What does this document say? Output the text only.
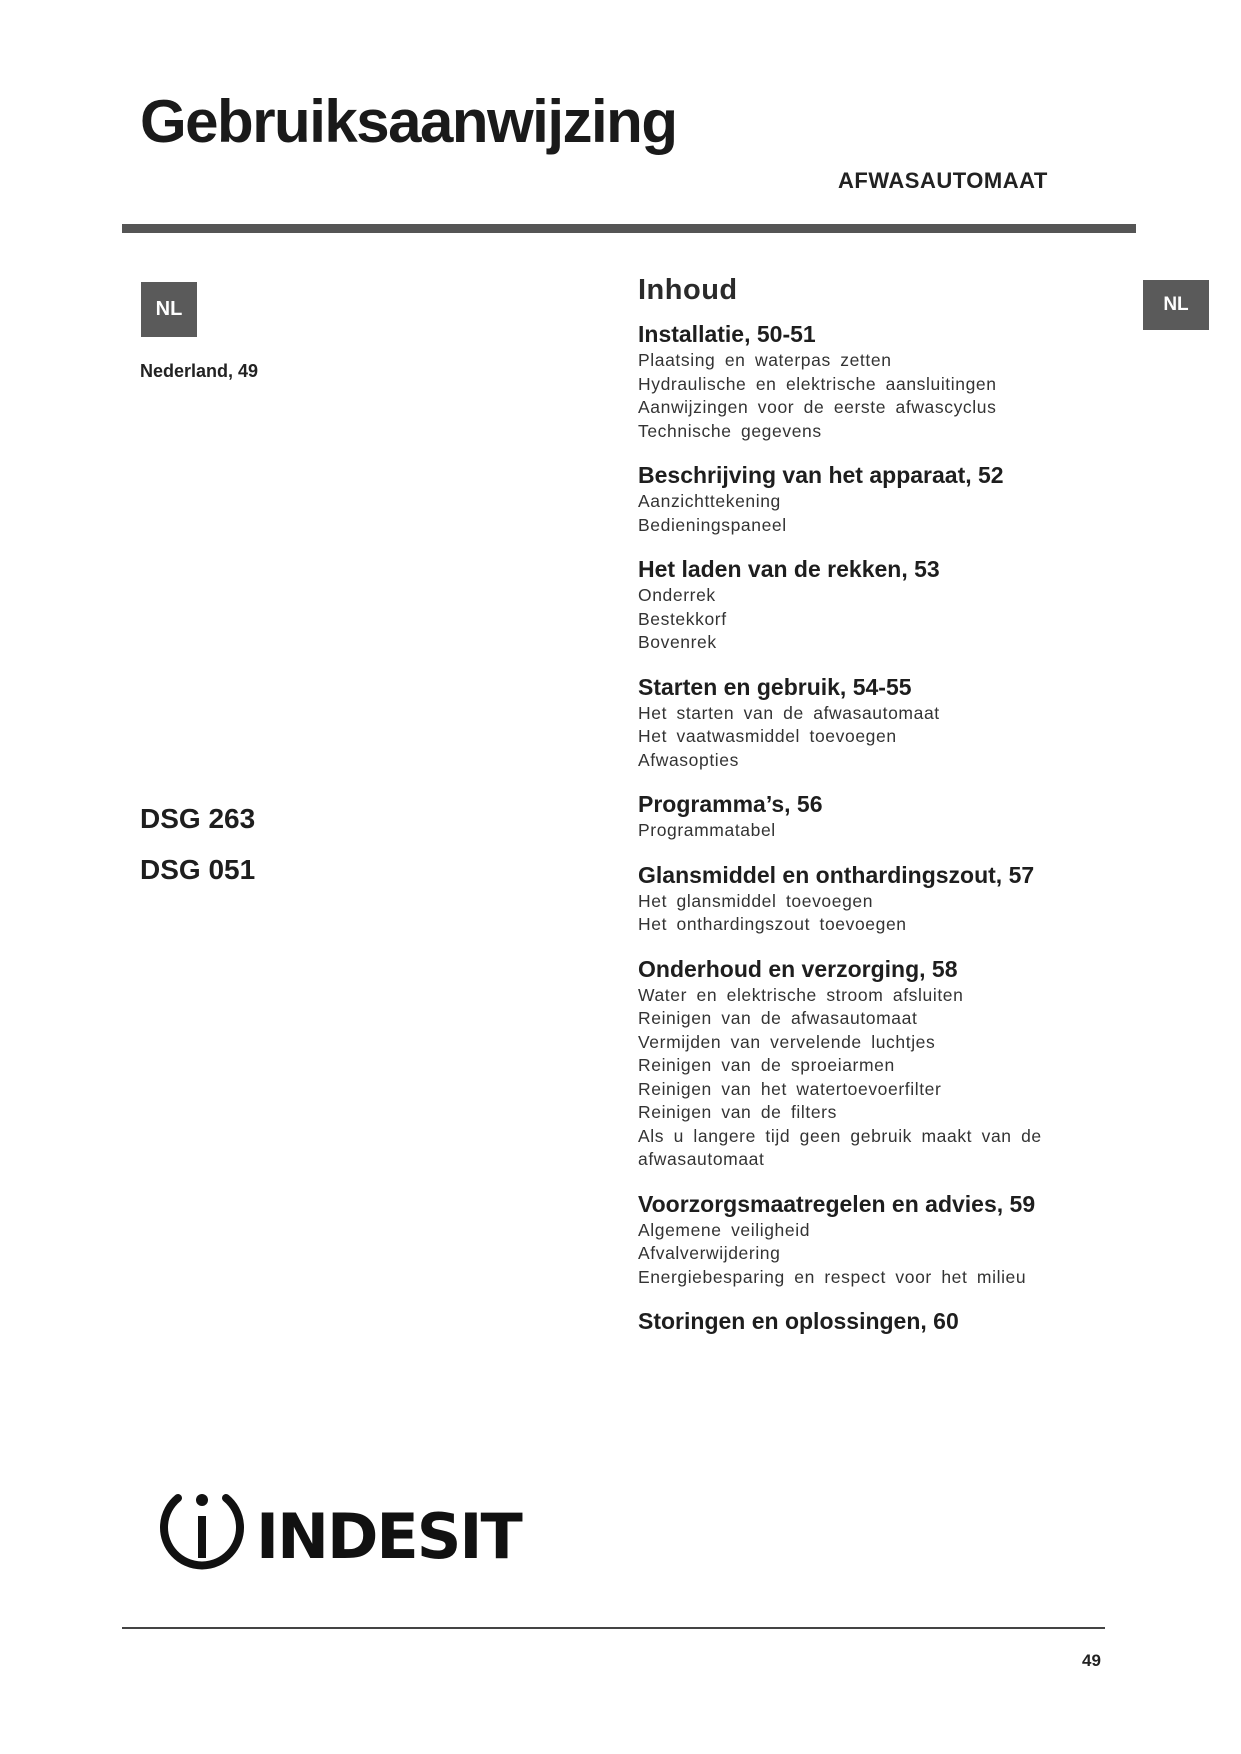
Gebruiksaanwijzing
AFWASAUTOMAAT
NL
Nederland, 49
DSG 263
DSG 051
Inhoud
Installatie, 50-51
Plaatsing en waterpas zetten
Hydraulische en elektrische aansluitingen
Aanwijzingen voor de eerste afwascyclus
Technische gegevens
Beschrijving van het apparaat, 52
Aanzichttekening
Bedieningspaneel
Het laden van de rekken, 53
Onderrek
Bestekkorf
Bovenrek
Starten en gebruik, 54-55
Het starten van de afwasautomaat
Het vaatwasmiddel toevoegen
Afwasopties
Programma’s, 56
Programmatabel
Glansmiddel en onthardingszout, 57
Het glansmiddel toevoegen
Het onthardingszout toevoegen
Onderhoud en verzorging, 58
Water en elektrische stroom afsluiten
Reinigen van de afwasautomaat
Vermijden van vervelende luchtjes
Reinigen van de sproeiarmen
Reinigen van het watertoevoerfilter
Reinigen van de filters
Als u langere tijd geen gebruik maakt van de afwasautomaat
Voorzorgsmaatregelen en advies, 59
Algemene veiligheid
Afvalverwijdering
Energiebesparing en respect voor het milieu
Storingen en oplossingen, 60
NL
INDESIT
49
